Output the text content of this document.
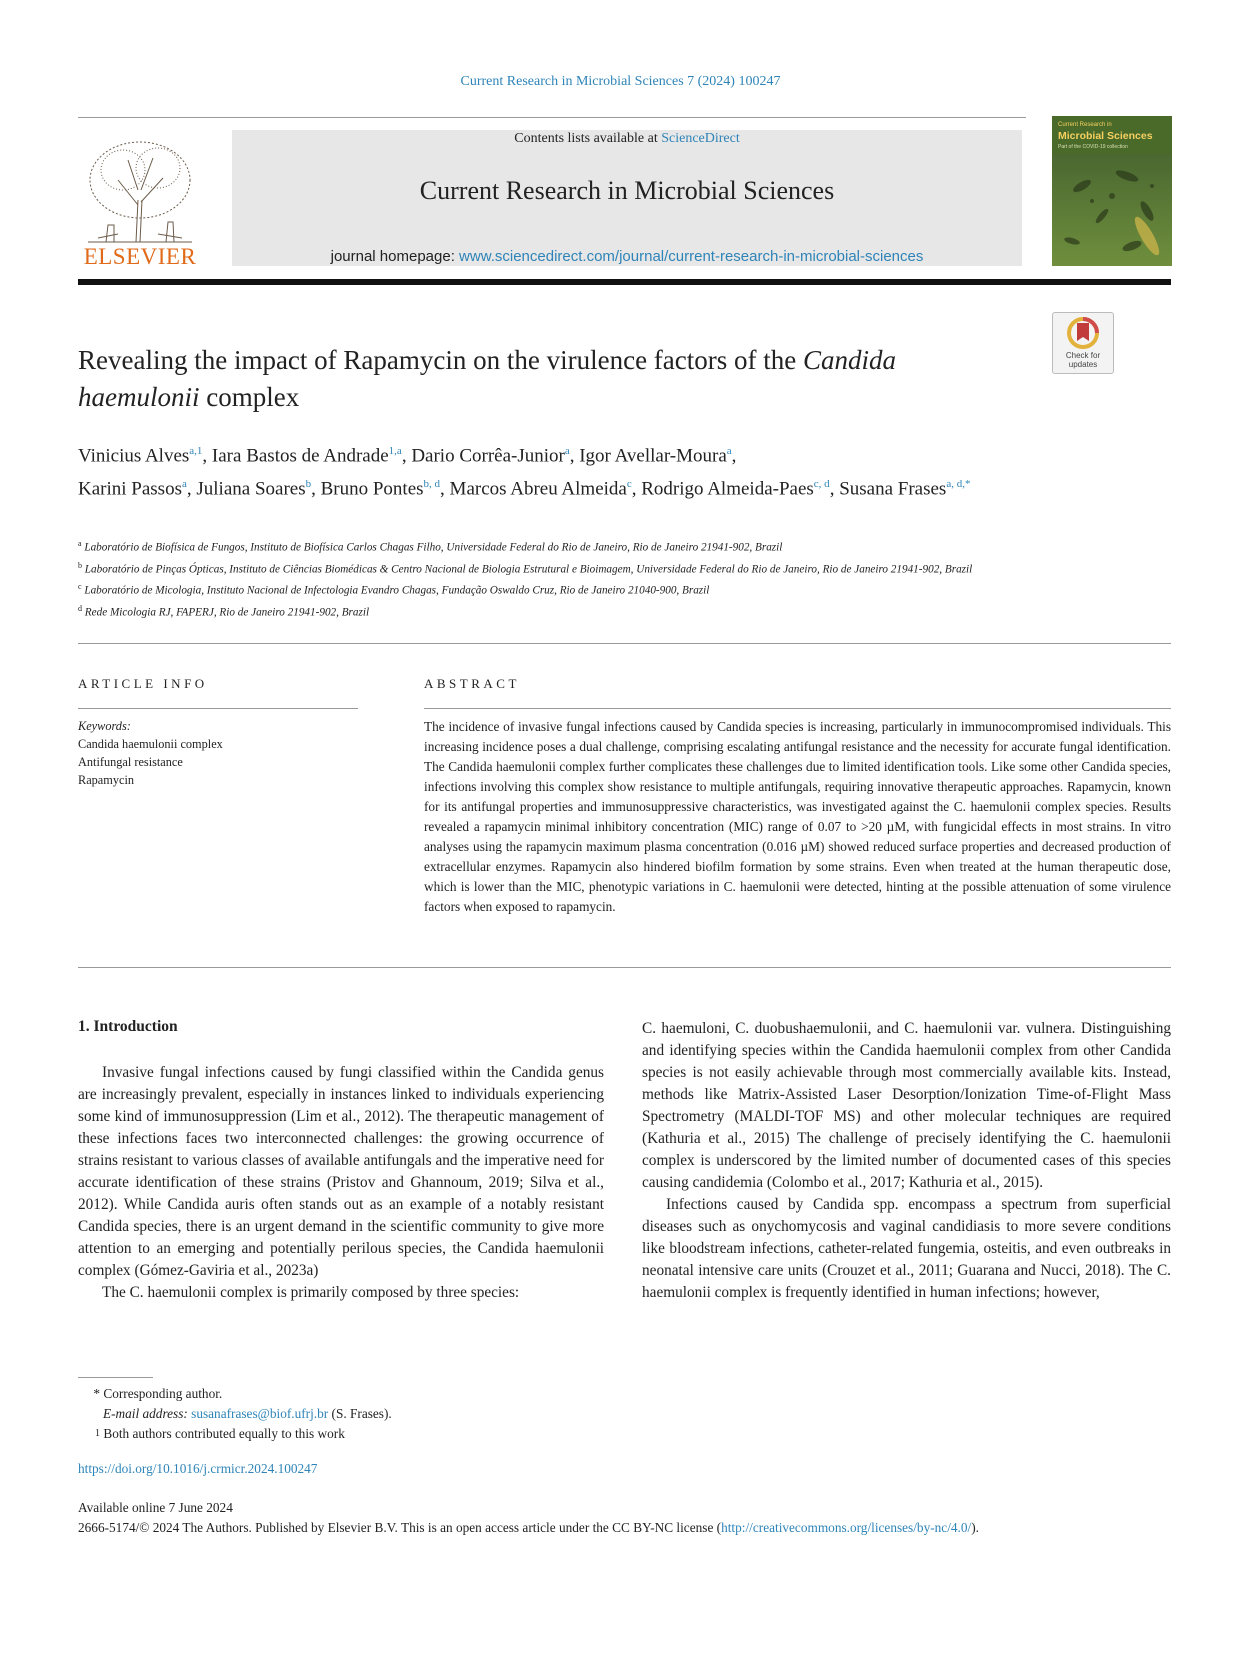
Current Research in Microbial Sciences 7 (2024) 100247
ELSEVIER
Contents lists available at ScienceDirect
Current Research in Microbial Sciences
journal homepage: www.sciencedirect.com/journal/current-research-in-microbial-sciences
Current Research in
Microbial Sciences
Part of the COVID-19 collection
Revealing the impact of Rapamycin on the virulence factors of the Candida
haemulonii complex
Check for updates
Vinicius Alves$^{a,1}$, Iara Bastos de Andrade$^{1,a}$, Dario Corrêa-Junior$^a$, Igor Avellar-Moura$^a$,
Karini Passos$^a$, Juliana Soares$^b$, Bruno Pontes$^{b, d}$, Marcos Abreu Almeida$^c$, Rodrigo Almeida-Paes$^{c, d}$, Susana Frases$^{a, d,*}$
$^a$ Laboratório de Biofísica de Fungos, Instituto de Biofísica Carlos Chagas Filho, Universidade Federal do Rio de Janeiro, Rio de Janeiro 21941-902, Brazil
$^b$ Laboratório de Pinças Ópticas, Instituto de Ciências Biomédicas & Centro Nacional de Biologia Estrutural e Bioimagem, Universidade Federal do Rio de Janeiro, Rio de Janeiro 21941-902, Brazil
$^c$ Laboratório de Micologia, Instituto Nacional de Infectologia Evandro Chagas, Fundação Oswaldo Cruz, Rio de Janeiro 21040-900, Brazil
$^d$ Rede Micologia RJ, FAPERJ, Rio de Janeiro 21941-902, Brazil
ARTICLE INFO	ABSTRACT
Keywords:
Candida haemulonii complex
Antifungal resistance
Rapamycin
The incidence of invasive fungal infections caused by Candida species is increasing, particularly in immunocompromised individuals. This increasing incidence poses a dual challenge, comprising escalating antifungal resistance and the necessity for accurate fungal identification. The Candida haemulonii complex further complicates these challenges due to limited identification tools. Like some other Candida species, infections involving this complex show resistance to multiple antifungals, requiring innovative therapeutic approaches. Rapamycin, known for its antifungal properties and immunosuppressive characteristics, was investigated against the C. haemulonii complex species. Results revealed a rapamycin minimal inhibitory concentration (MIC) range of 0.07 to >20 µM, with fungicidal effects in most strains. In vitro analyses using the rapamycin maximum plasma concentration (0.016 µM) showed reduced surface properties and decreased production of extracellular enzymes. Rapamycin also hindered biofilm formation by some strains. Even when treated at the human therapeutic dose, which is lower than the MIC, phenotypic variations in C. haemulonii were detected, hinting at the possible attenuation of some virulence factors when exposed to rapamycin.
1. Introduction

Invasive fungal infections caused by fungi classified within the Candida genus are increasingly prevalent, especially in instances linked to individuals experiencing some kind of immunosuppression (Lim et al., 2012). The therapeutic management of these infections faces two interconnected challenges: the growing occurrence of strains resistant to various classes of available antifungals and the imperative need for accurate identification of these strains (Pristov and Ghannoum, 2019; Silva et al., 2012). While Candida auris often stands out as an example of a notably resistant Candida species, there is an urgent demand in the scientific community to give more attention to an emerging and potentially perilous species, the Candida haemulonii complex (Gómez-Gaviria et al., 2023a)

The C. haemulonii complex is primarily composed by three species:

C. haemuloni, C. duobushaemulonii, and C. haemulonii var. vulnera. Distinguishing and identifying species within the Candida haemulonii complex from other Candida species is not easily achievable through most commercially available kits. Instead, methods like Matrix-Assisted Laser Desorption/Ionization Time-of-Flight Mass Spectrometry (MALDI-TOF MS) and other molecular techniques are required (Kathuria et al., 2015) The challenge of precisely identifying the C. haemulonii complex is underscored by the limited number of documented cases of this species causing candidemia (Colombo et al., 2017; Kathuria et al., 2015).

Infections caused by Candida spp. encompass a spectrum from superficial diseases such as onychomycosis and vaginal candidiasis to more severe conditions like bloodstream infections, catheter-related fungemia, osteitis, and even outbreaks in neonatal intensive care units (Crouzet et al., 2011; Guarana and Nucci, 2018). The C. haemulonii complex is frequently identified in human infections; however,

* Corresponding author.
E-mail address: susanafrases@biof.ufrj.br (S. Frases).
1 Both authors contributed equally to this work
https://doi.org/10.1016/j.crmicr.2024.100247
Available online 7 June 2024
2666-5174/© 2024 The Authors. Published by Elsevier B.V. This is an open access article under the CC BY-NC license (http://creativecommons.org/licenses/by-nc/4.0/).
